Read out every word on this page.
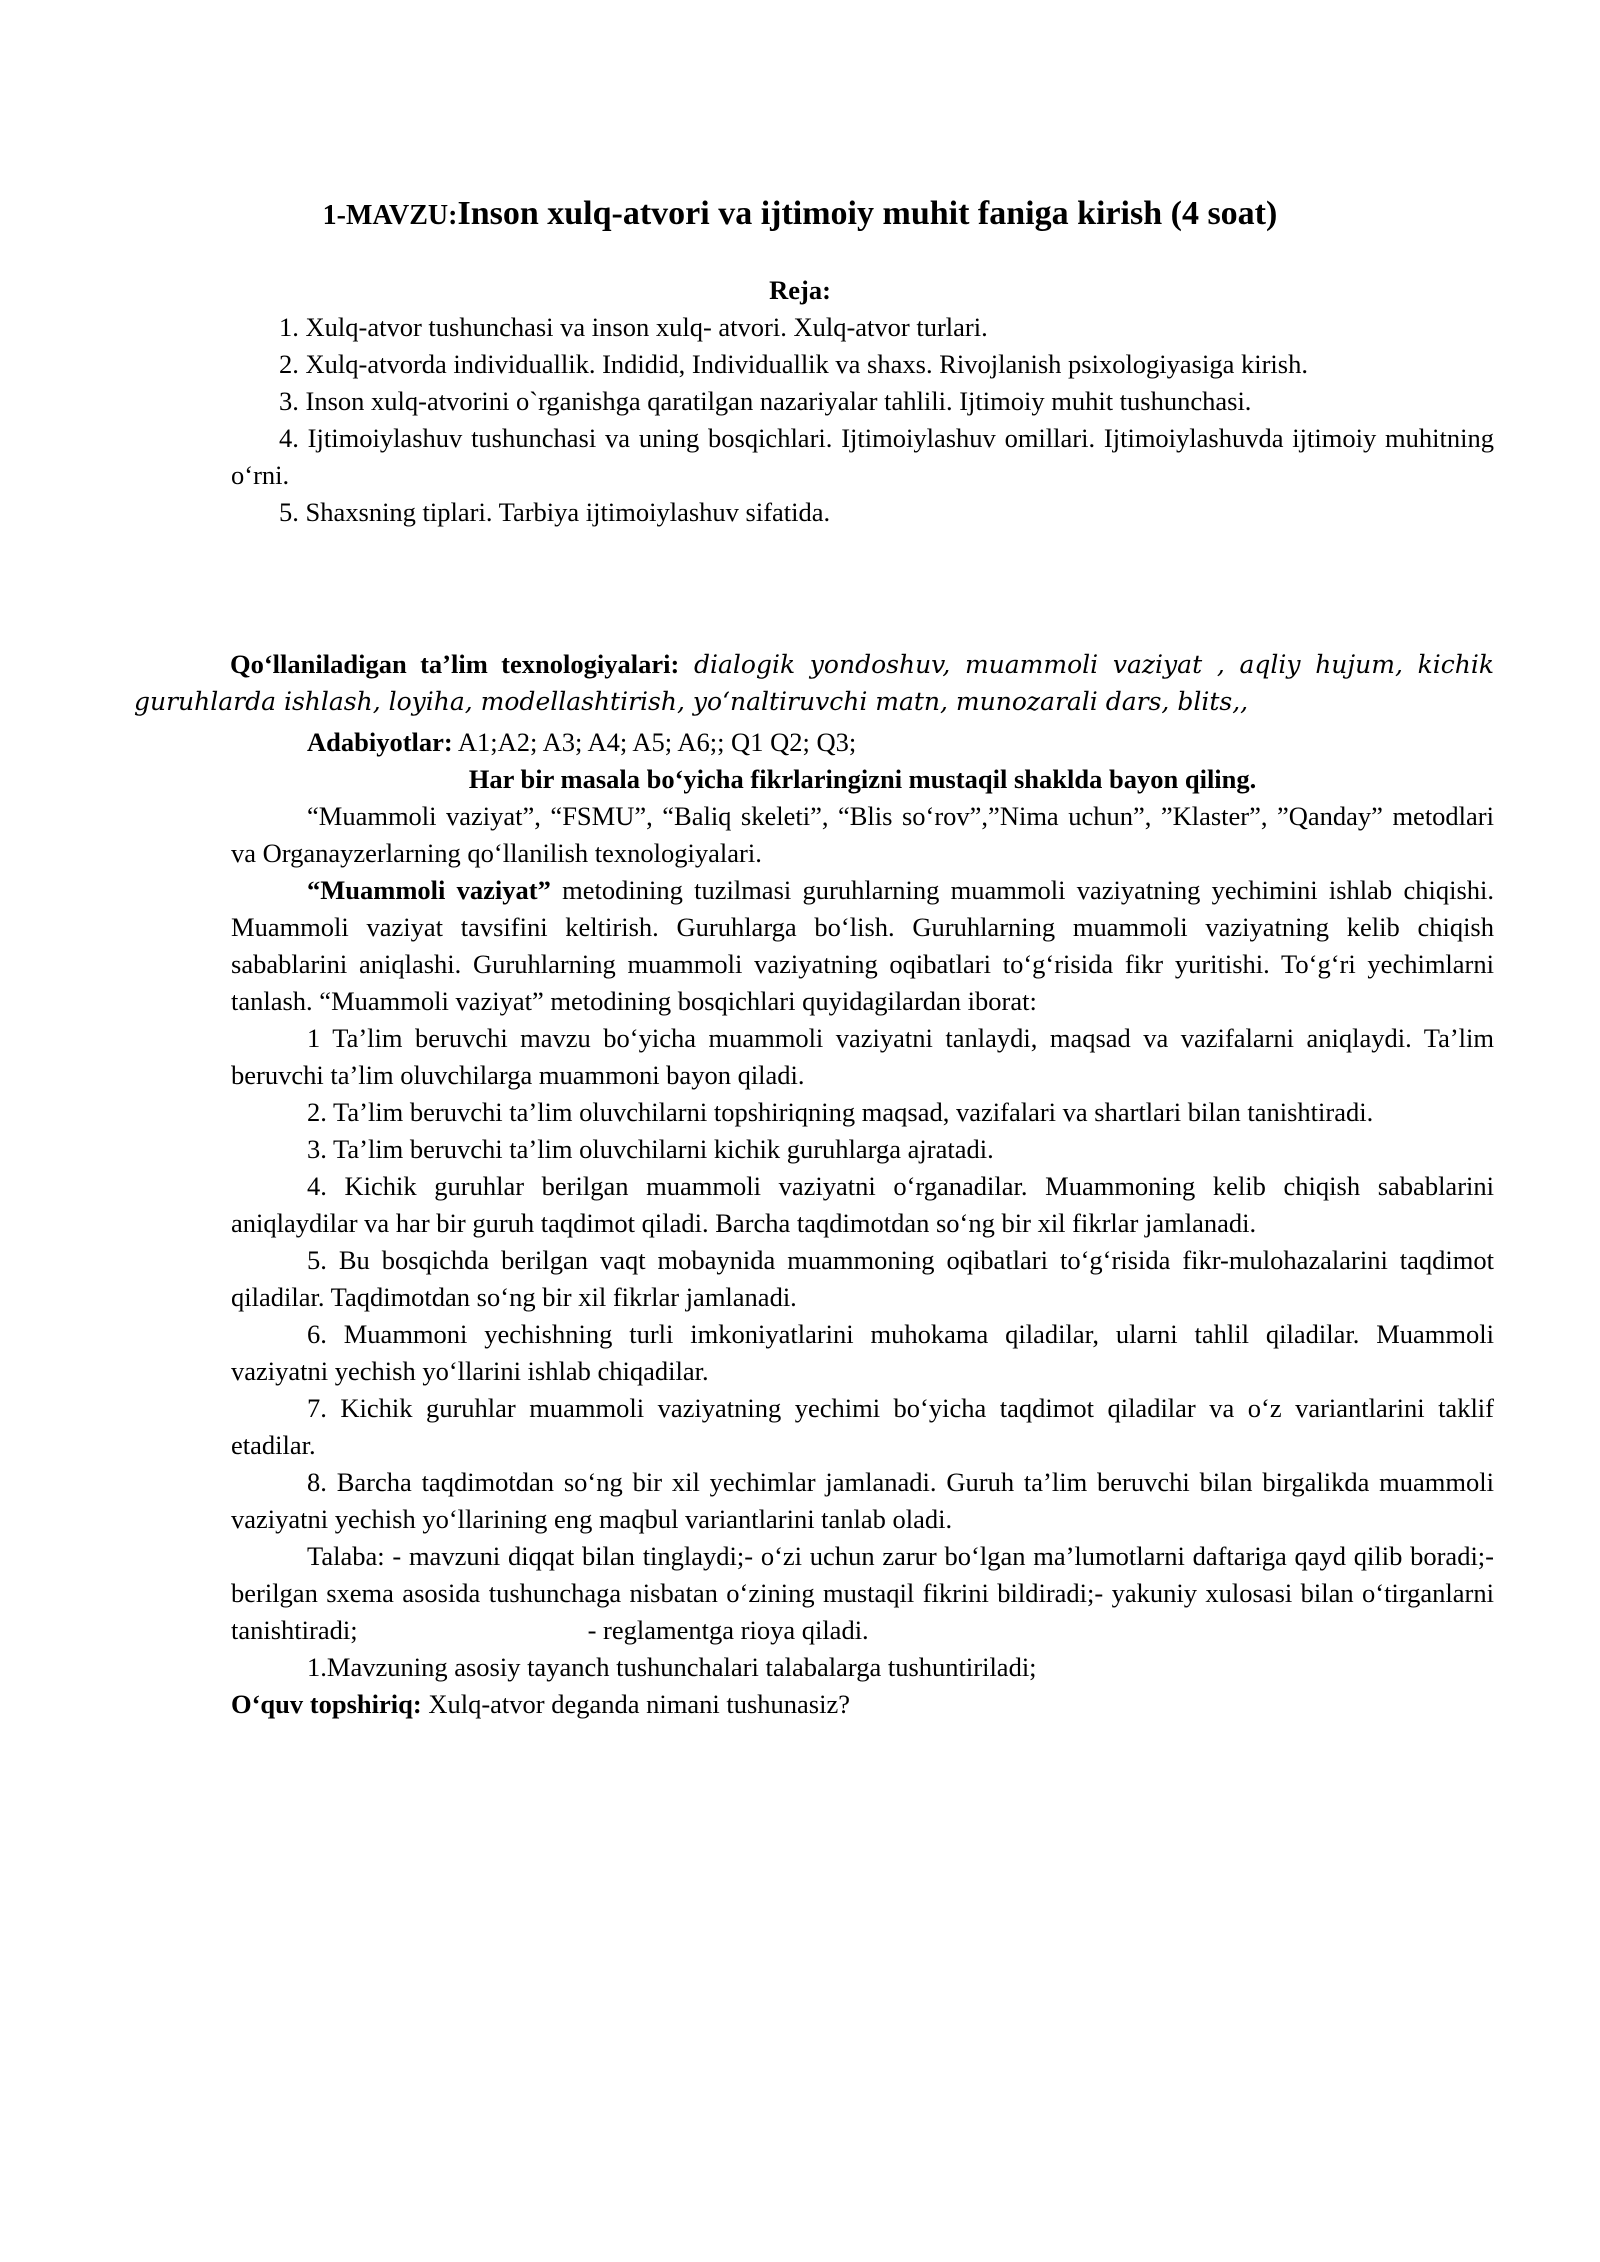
1-MAVZU:Inson xulq-atvori va ijtimoiy muhit faniga kirish (4 soat)
Reja:

1. Xulq-atvor tushunchasi va inson xulq- atvori. Xulq-atvor turlari.

2. Xulq-atvorda individuallik. Indidid, Individuallik va shaxs. Rivojlanish psixologiyasiga kirish.

3. Inson xulq-atvorini o`rganishga qaratilgan nazariyalar tahlili. Ijtimoiy muhit tushunchasi.

4. Ijtimoiylashuv tushunchasi va uning bosqichlari. Ijtimoiylashuv omillari. Ijtimoiylashuvda ijtimoiy muhitning o‘rni.

5. Shaxsning tiplari. Tarbiya ijtimoiylashuv sifatida.

Qo‘llaniladigan ta’lim texnologiyalari: dialogik yondoshuv, muammoli vaziyat , aqliy hujum, kichik guruhlarda ishlash, loyiha, modellashtirish, yo‘naltiruvchi matn, munozarali dars, blits,,

Adabiyotlar: A1;A2; A3; A4; A5; A6;; Q1 Q2; Q3;

Har bir masala bo‘yicha fikrlaringizni mustaqil shaklda bayon qiling.

“Muammoli vaziyat”, “FSMU”, “Baliq skeleti”, “Blis so‘rov”,”Nima uchun”, ”Klaster”, ”Qanday” metodlari va Organayzerlarning qo‘llanilish texnologiyalari.

“Muammoli vaziyat” metodining tuzilmasi guruhlarning muammoli vaziyatning yechimini ishlab chiqishi. Muammoli vaziyat tavsifini keltirish. Guruhlarga bo‘lish. Guruhlarning muammoli vaziyatning kelib chiqish sabablarini aniqlashi. Guruhlarning muammoli vaziyatning oqibatlari to‘g‘risida fikr yuritishi. To‘g‘ri yechimlarni tanlash. “Muammoli vaziyat” metodining bosqichlari quyidagilardan iborat:

1 Ta’lim beruvchi mavzu bo‘yicha muammoli vaziyatni tanlaydi, maqsad va vazifalarni aniqlaydi. Ta’lim beruvchi ta’lim oluvchilarga muammoni bayon qiladi.

2. Ta’lim beruvchi ta’lim oluvchilarni topshiriqning maqsad, vazifalari va shartlari bilan tanishtiradi.

3. Ta’lim beruvchi ta’lim oluvchilarni kichik guruhlarga ajratadi.

4. Kichik guruhlar berilgan muammoli vaziyatni o‘rganadilar. Muammoning kelib chiqish sabablarini aniqlaydilar va har bir guruh taqdimot qiladi. Barcha taqdimotdan so‘ng bir xil fikrlar jamlanadi.

5. Bu bosqichda berilgan vaqt mobaynida muammoning oqibatlari to‘g‘risida fikr-mulohazalarini taqdimot qiladilar. Taqdimotdan so‘ng bir xil fikrlar jamlanadi.

6. Muammoni yechishning turli imkoniyatlarini muhokama qiladilar, ularni tahlil qiladilar. Muammoli vaziyatni yechish yo‘llarini ishlab chiqadilar.

7. Kichik guruhlar muammoli vaziyatning yechimi bo‘yicha taqdimot qiladilar va o‘z variantlarini taklif etadilar.

8. Barcha taqdimotdan so‘ng bir xil yechimlar jamlanadi. Guruh ta’lim beruvchi bilan birgalikda muammoli vaziyatni yechish yo‘llarining eng maqbul variantlarini tanlab oladi.

Talaba: - mavzuni diqqat bilan tinglaydi;- o‘zi uchun zarur bo‘lgan ma’lumotlarni daftariga qayd qilib boradi;- berilgan sxema asosida tushunchaga nisbatan o‘zining mustaqil fikrini bildiradi;- yakuniy xulosasi bilan o‘tirganlarni tanishtiradi;	- reglamentga rioya qiladi.

1.Mavzuning asosiy tayanch tushunchalari talabalarga tushuntiriladi;

O‘quv topshiriq: Xulq-atvor deganda nimani tushunasiz?
